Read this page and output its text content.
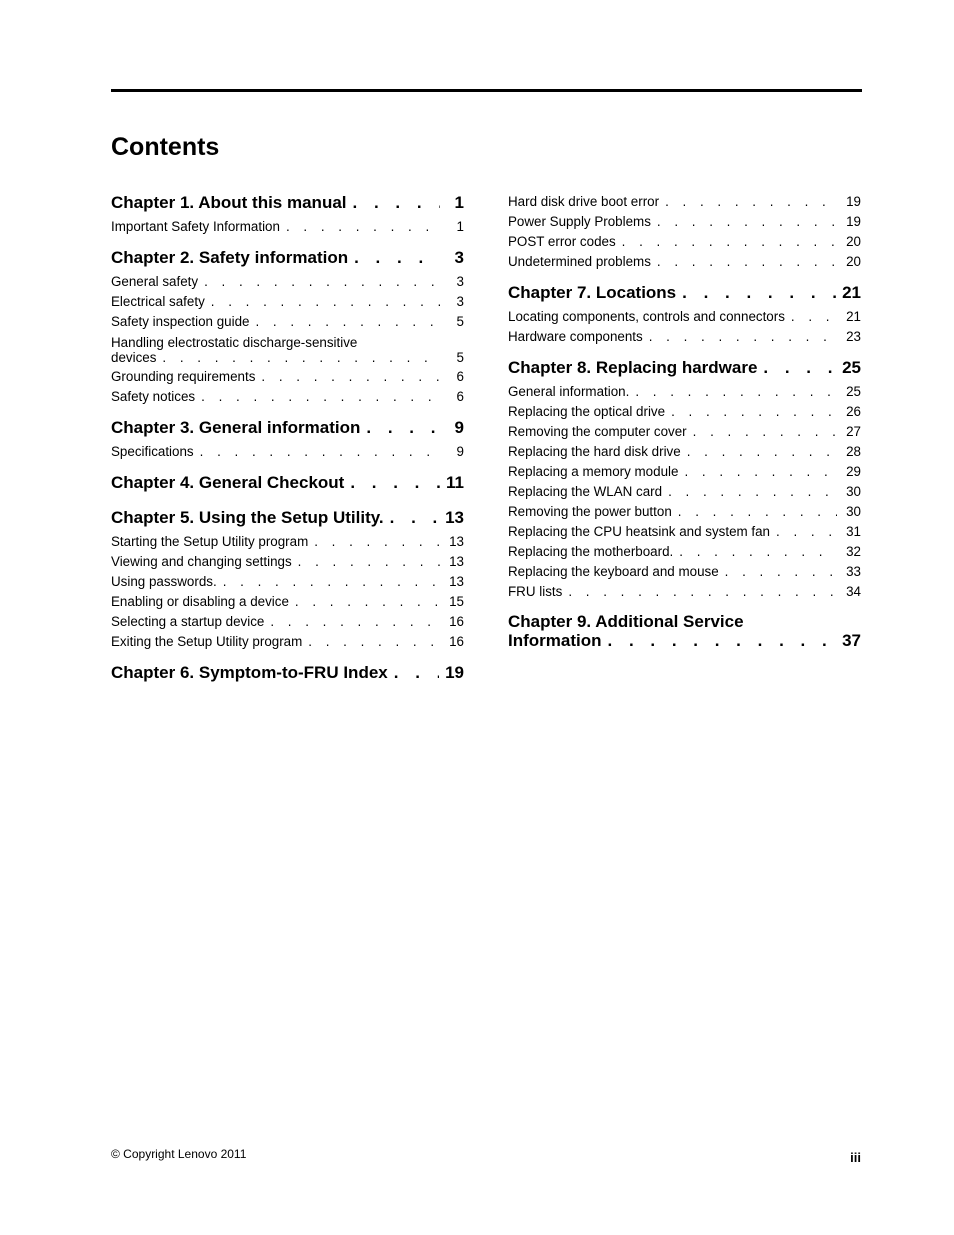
Contents
Chapter 1. About this manual . . .	1
Important Safety Information . . .	1
Chapter 2. Safety information . . .	3
General safety . . .	3
Electrical safety . . .	3
Safety inspection guide . . .	5
Handling electrostatic discharge-sensitive
devices . . .	5
Grounding requirements . . .	6
Safety notices . . .	6
Chapter 3. General information . . .	9
Specifications . . .	9
Chapter 4. General Checkout . . .	11
Chapter 5. Using the Setup Utility. . . .	13
Starting the Setup Utility program . . .	13
Viewing and changing settings . . .	13
Using passwords. . . .	13
Enabling or disabling a device . . .	15
Selecting a startup device . . .	16
Exiting the Setup Utility program . . .	16
Chapter 6. Symptom-to-FRU Index . . .	19
Hard disk drive boot error . . .	19
Power Supply Problems . . .	19
POST error codes . . .	20
Undetermined problems . . .	20
Chapter 7. Locations . . .	21
Locating components, controls and connectors . . .	21
Hardware components . . .	23
Chapter 8. Replacing hardware . . .	25
General information. . . .	25
Replacing the optical drive . . .	26
Removing the computer cover . . .	27
Replacing the hard disk drive . . .	28
Replacing a memory module . . .	29
Replacing the WLAN card . . .	30
Removing the power button . . .	30
Replacing the CPU heatsink and system fan . . .	31
Replacing the motherboard. . . .	32
Replacing the keyboard and mouse . . .	33
FRU lists . . .	34
Chapter 9. Additional Service
Information . . .	37
© Copyright Lenovo 2011	iii
